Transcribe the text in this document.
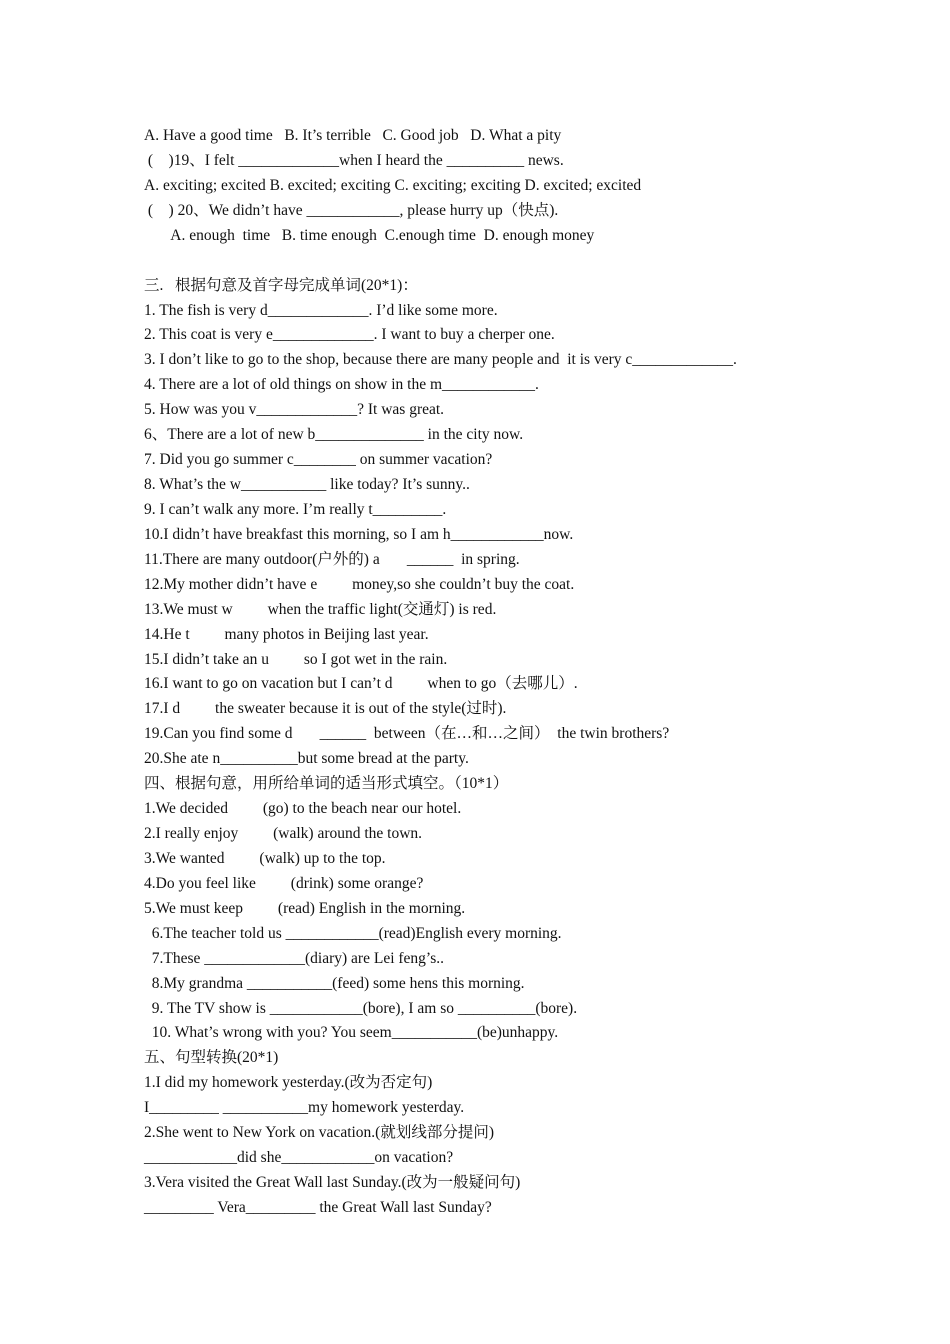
A. Have a good time   B. It’s terrible   C. Good job   D. What a pity
(    )19、I felt _____________when I heard the __________ news.
A. exciting; excited B. excited; exciting C. exciting; exciting D. excited; excited
(    ) 20、We didn’t have ____________, please hurry up（快点).
A. enough  time   B. time enough  C.enough time  D. enough money
三.   根据句意及首字母完成单词(20*1)：
1. The fish is very d_____________. I’d like some more.
2. This coat is very e_____________. I want to buy a cherper one.
3. I don’t like to go to the shop, because there are many people and  it is very c_____________.
4. There are a lot of old things on show in the m____________.
5. How was you v_____________? It was great.
6、There are a lot of new b______________ in the city now.
7. Did you go summer c________ on summer vacation?
8. What’s the w___________ like today? It’s sunny..
9. I can’t walk any more. I’m really t_________.
10.I didn’t have breakfast this morning, so I am h____________now.
11.There are many outdoor(户外的) a       ______  in spring.
12.My mother didn’t have e         money,so she couldn’t buy the coat.
13.We must w         when the traffic light(交通灯) is red.
14.He t         many photos in Beijing last year.
15.I didn’t take an u         so I got wet in the rain.
16.I want to go on vacation but I can’t d         when to go（去哪儿）.
17.I d         the sweater because it is out of the style(过时).
19.Can you find some d       ______  between（在…和…之间）  the twin brothers?
20.She ate n__________but some bread at the party.
四、根据句意，用所给单词的适当形式填空。（10*1）
1.We decided         (go) to the beach near our hotel.
2.I really enjoy         (walk) around the town.
3.We wanted         (walk) up to the top.
4.Do you feel like         (drink) some orange?
5.We must keep         (read) English in the morning.
6.The teacher told us ____________(read)English every morning.
7.These _____________(diary) are Lei feng’s..
8.My grandma ___________(feed) some hens this morning.
9. The TV show is ____________(bore), I am so __________(bore).
10. What’s wrong with you? You seem___________(be)unhappy.
五、句型转换(20*1)
1.I did my homework yesterday.(改为否定句)
I_________ ___________my homework yesterday.
2.She went to New York on vacation.(就划线部分提问)
____________did she____________on vacation?
3.Vera visited the Great Wall last Sunday.(改为一般疑问句)
_________ Vera_________ the Great Wall last Sunday?
